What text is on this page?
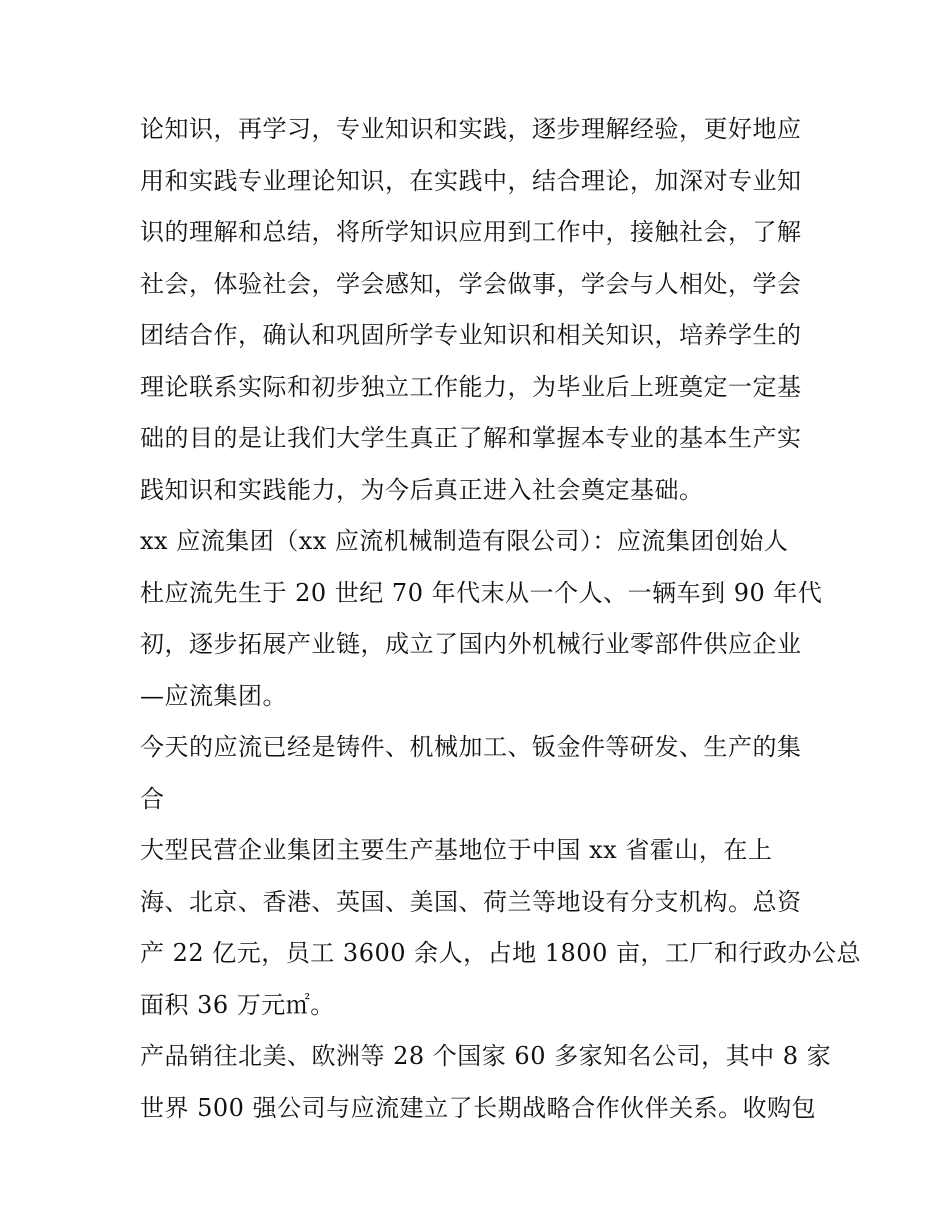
论知识，再学习，专业知识和实践，逐步理解经验，更好地应
用和实践专业理论知识，在实践中，结合理论，加深对专业知
识的理解和总结，将所学知识应用到工作中，接触社会，了解
社会，体验社会，学会感知，学会做事，学会与人相处，学会
团结合作，确认和巩固所学专业知识和相关知识，培养学生的
理论联系实际和初步独立工作能力，为毕业后上班奠定一定基
础的目的是让我们大学生真正了解和掌握本专业的基本生产实
践知识和实践能力，为今后真正进入社会奠定基础。
xx 应流集团（xx 应流机械制造有限公司）：应流集团创始人
杜应流先生于 20 世纪 70 年代末从一个人、一辆车到 90 年代
初，逐步拓展产业链，成立了国内外机械行业零部件供应企业
—应流集团。
今天的应流已经是铸件、机械加工、钣金件等研发、生产的集
合
大型民营企业集团主要生产基地位于中国 xx 省霍山，在上
海、北京、香港、英国、美国、荷兰等地设有分支机构。总资
产 22 亿元，员工 3600 余人，占地 1800 亩，工厂和行政办公总
面积 36 万元㎡。
产品销往北美、欧洲等 28 个国家 60 多家知名公司，其中 8 家
世界 500 强公司与应流建立了长期战略合作伙伴关系。收购包
